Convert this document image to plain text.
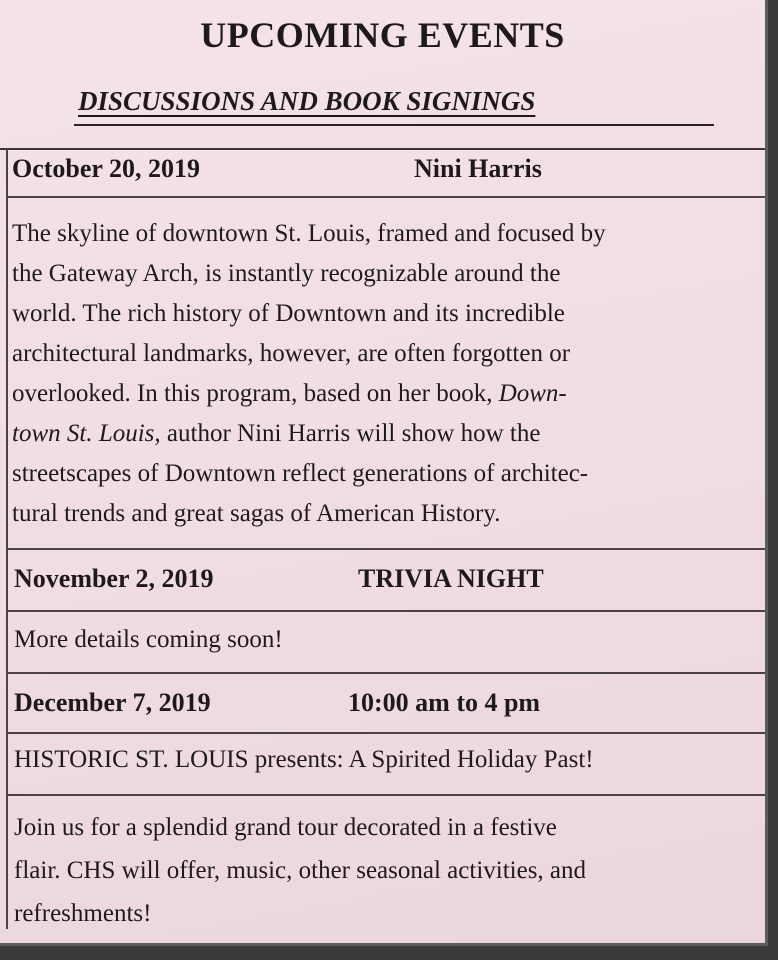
UPCOMING EVENTS
DISCUSSIONS AND BOOK SIGNINGS
October 20, 2019	Nini Harris

The skyline of downtown St. Louis, framed and focused by

the Gateway Arch, is instantly recognizable around the

world. The rich history of Downtown and its incredible

architectural landmarks, however, are often forgotten or

overlooked. In this program, based on her book, Down-

town St. Louis, author Nini Harris will show how the

streetscapes of Downtown reflect generations of architec-

tural trends and great sagas of American History.

November 2, 2019	TRIVIA NIGHT
More details coming soon!
December 7, 2019	10:00 am to 4 pm
HISTORIC ST. LOUIS presents: A Spirited Holiday Past!

Join us for a splendid grand tour decorated in a festive

flair. CHS will offer, music, other seasonal activities, and

refreshments!
